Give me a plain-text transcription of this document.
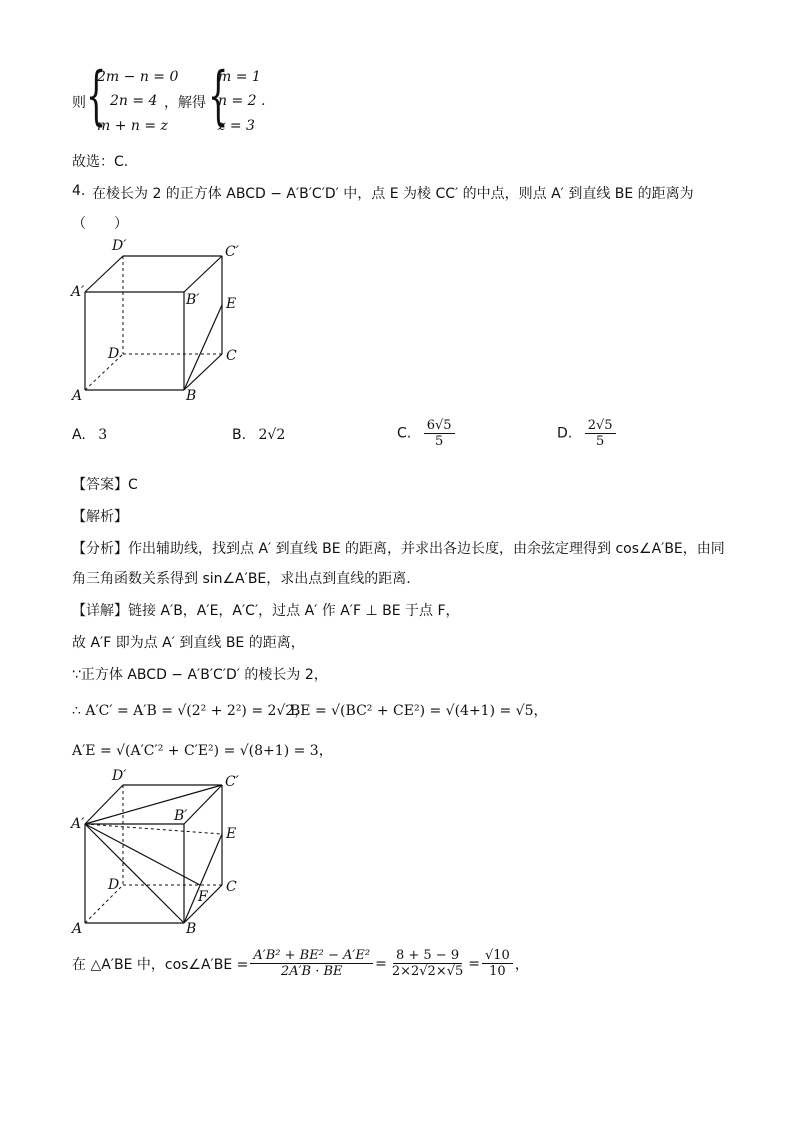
则 {
2m − n = 0
2n = 4
m + n = z
，解得 {
m = 1
n = 2 .
z = 3
故选：C.
4. 在棱长为 2 的正方体 ABCD − A′B′C′D′ 中，点 E 为棱 CC′ 的中点，则点 A′ 到直线 BE 的距离为
（　　）
D′	C′
A′	B′ E
D	C
A	B
A. 3	B. 2√2	C. $\frac{6√5}{5}$	D. $\frac{2√5}{5}$
【答案】C
【解析】
【分析】作出辅助线，找到点 A′ 到直线 BE 的距离，并求出各边长度，由余弦定理得到 cos∠A′BE，由同
角三角函数关系得到 sin∠A′BE，求出点到直线的距离.
【详解】链接 A′B，A′E，A′C′，过点 A′ 作 A′F ⊥ BE 于点 F，
故 A′F 即为点 A′ 到直线 BE 的距离，
∵正方体 ABCD − A′B′C′D′ 的棱长为 2，
∴ A′C′ = A′B = √(2² + 2²) = 2√2，
BE = √(BC² + CE²) = √(4+1) = √5，
A′E = √(A′C′² + C′E²) = √(8+1) = 3，
D′	C′
A′	B′
E
D	C
F
A	B
在 △A′BE 中，cos∠A′BE = $\frac{\text{A′B² + BE² − A′E²}}{2A'B \cdot BE} = \frac{8 + 5 - 9}{2\times 2√2\times√5} = \frac{√10}{10}$ ，
